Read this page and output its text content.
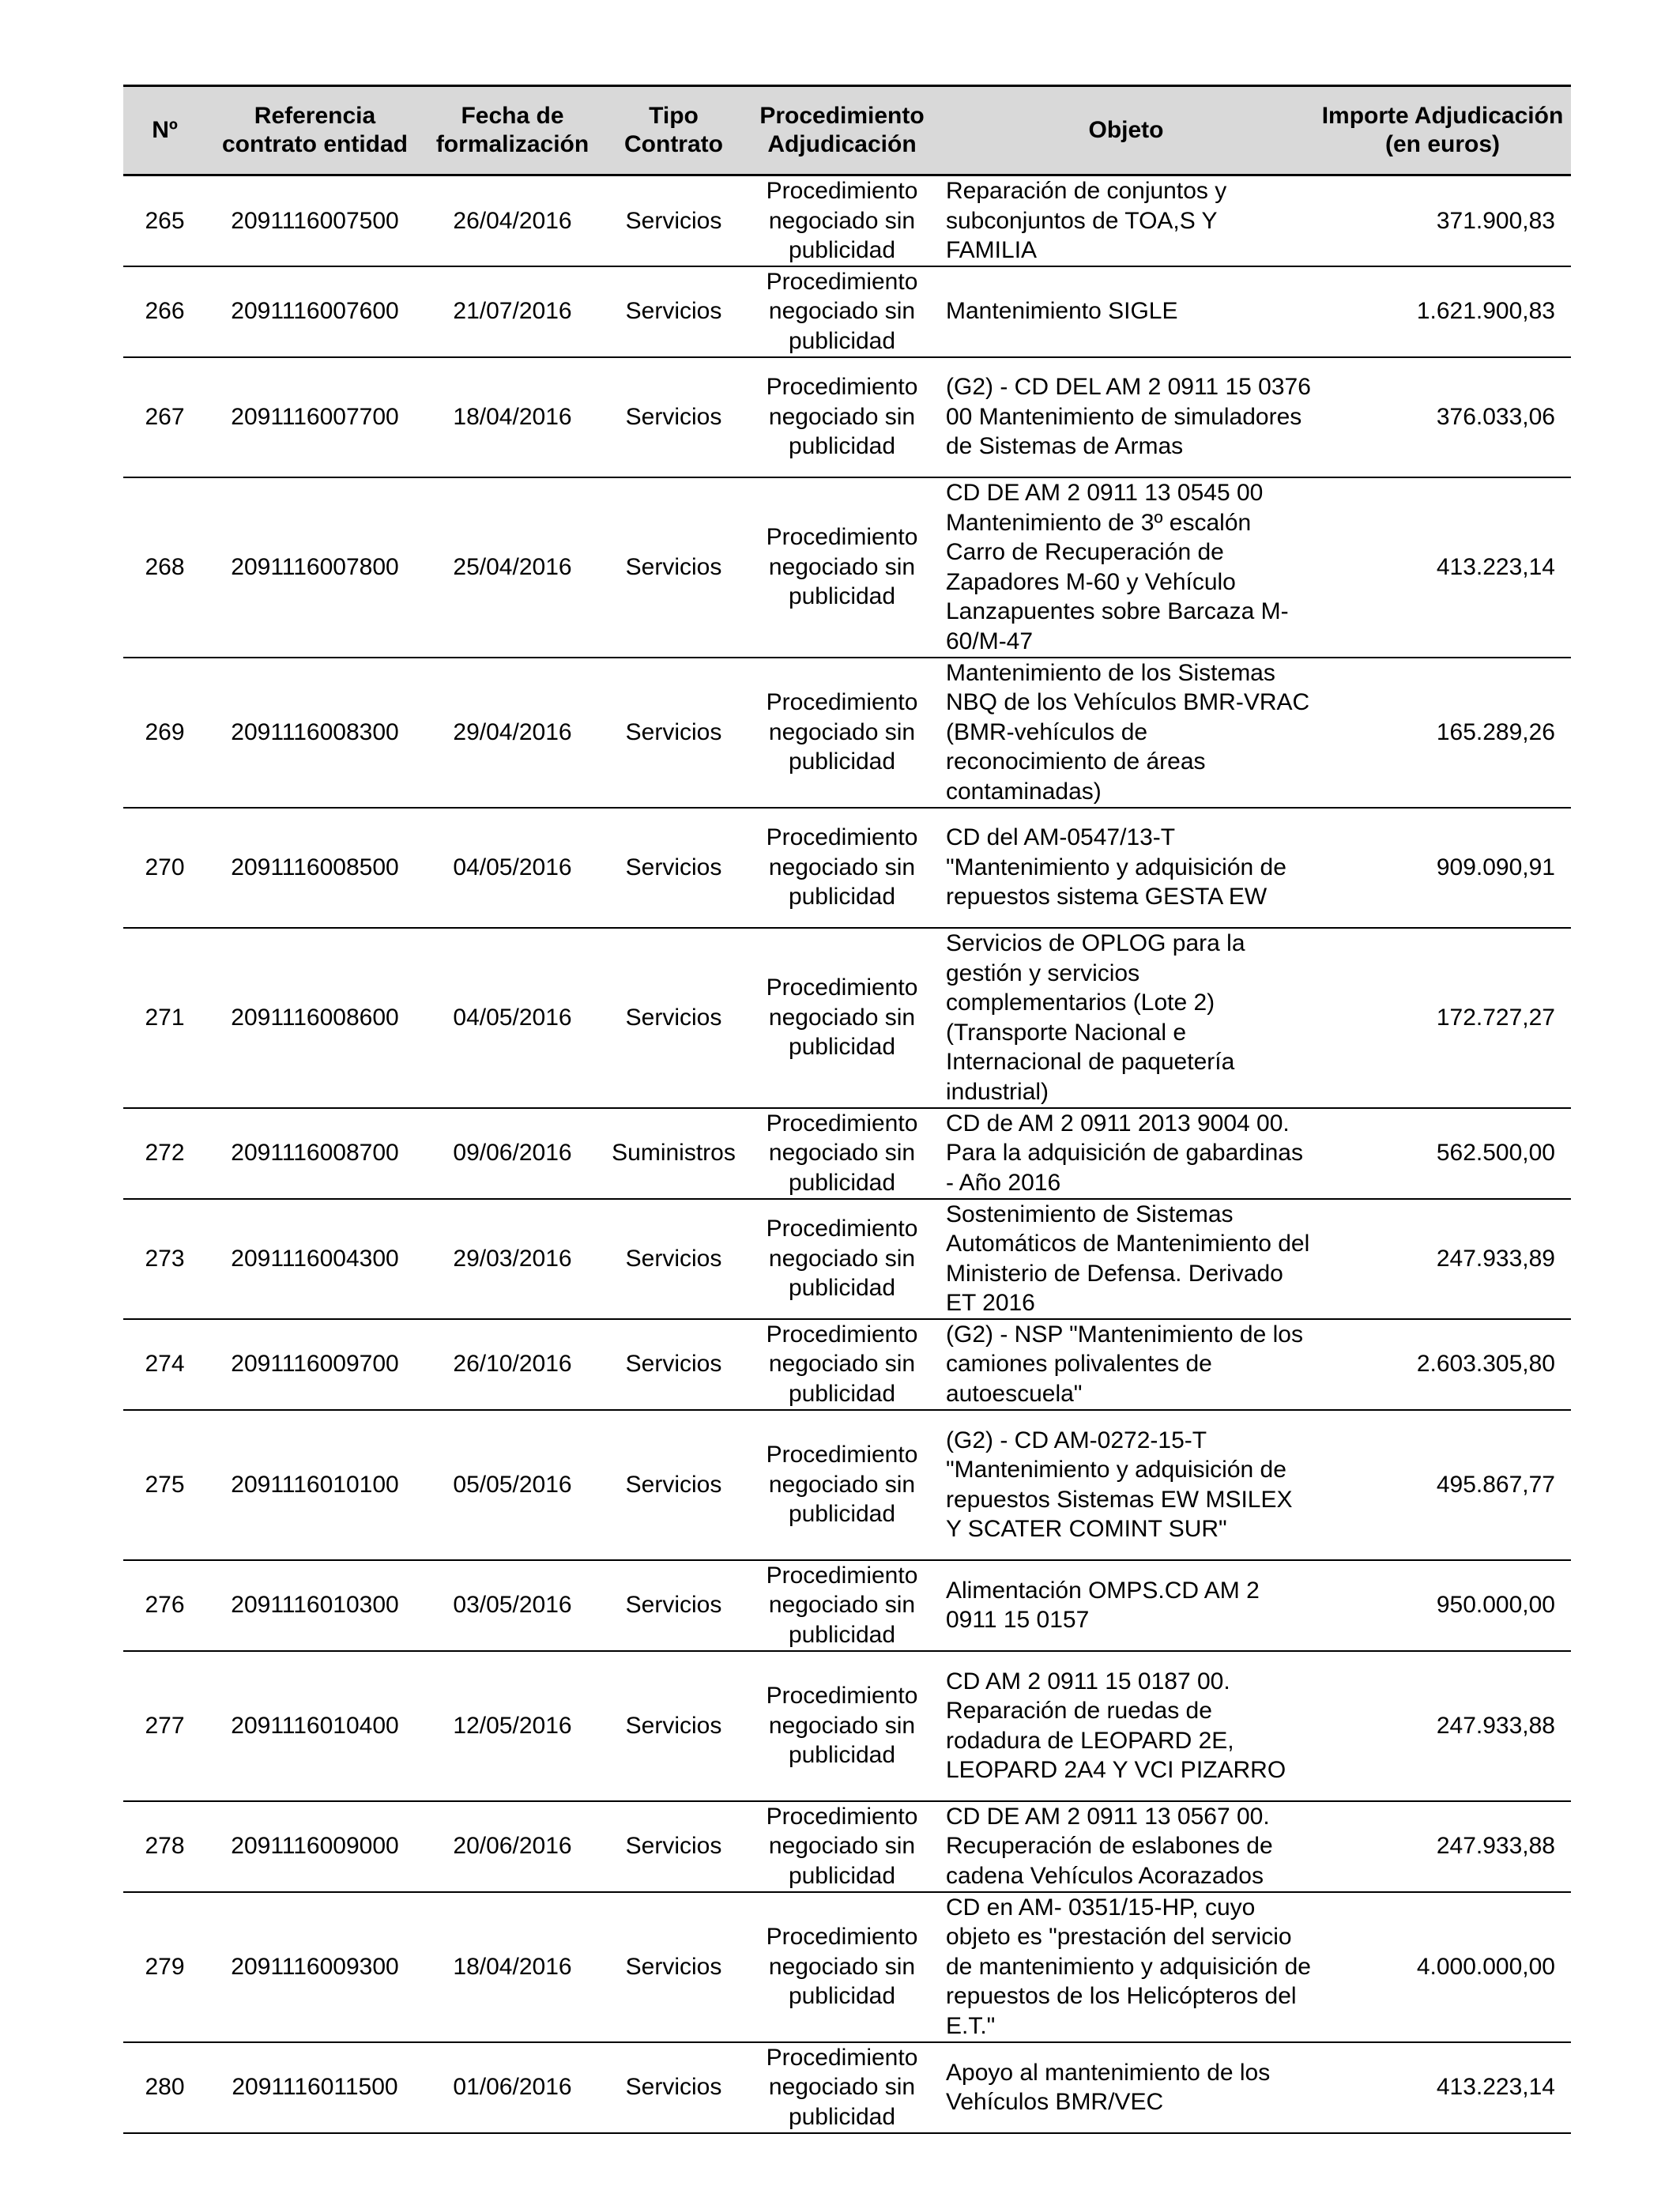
Nº	Referencia contrato entidad	Fecha de formalización	Tipo Contrato	Procedimiento Adjudicación	Objeto	Importe Adjudicación (en euros)
265	2091116007500	26/04/2016	Servicios	Procedimiento negociado sin publicidad	Reparación de conjuntos y subconjuntos de TOA,S Y FAMILIA	371.900,83
266	2091116007600	21/07/2016	Servicios	Procedimiento negociado sin publicidad	Mantenimiento SIGLE	1.621.900,83
267	2091116007700	18/04/2016	Servicios	Procedimiento negociado sin publicidad	(G2) - CD DEL AM 2 0911 15 0376 00 Mantenimiento de simuladores de Sistemas de Armas	376.033,06
268	2091116007800	25/04/2016	Servicios	Procedimiento negociado sin publicidad	CD DE AM 2 0911 13 0545 00 Mantenimiento de 3º escalón Carro de Recuperación de Zapadores M-60 y Vehículo Lanzapuentes sobre Barcaza M-60/M-47	413.223,14
269	2091116008300	29/04/2016	Servicios	Procedimiento negociado sin publicidad	Mantenimiento de los Sistemas NBQ de los Vehículos BMR-VRAC (BMR-vehículos de reconocimiento de áreas contaminadas)	165.289,26
270	2091116008500	04/05/2016	Servicios	Procedimiento negociado sin publicidad	CD del AM-0547/13-T "Mantenimiento y adquisición de repuestos sistema GESTA EW	909.090,91
271	2091116008600	04/05/2016	Servicios	Procedimiento negociado sin publicidad	Servicios de OPLOG para la gestión y servicios complementarios (Lote 2) (Transporte Nacional e Internacional de paquetería industrial)	172.727,27
272	2091116008700	09/06/2016	Suministros	Procedimiento negociado sin publicidad	CD de AM 2 0911 2013 9004 00. Para la adquisición de gabardinas - Año 2016	562.500,00
273	2091116004300	29/03/2016	Servicios	Procedimiento negociado sin publicidad	Sostenimiento de Sistemas Automáticos de Mantenimiento del Ministerio de Defensa. Derivado ET 2016	247.933,89
274	2091116009700	26/10/2016	Servicios	Procedimiento negociado sin publicidad	(G2) - NSP "Mantenimiento de los camiones polivalentes de autoescuela"	2.603.305,80
275	2091116010100	05/05/2016	Servicios	Procedimiento negociado sin publicidad	(G2) - CD AM-0272-15-T "Mantenimiento y adquisición de repuestos Sistemas EW MSILEX Y SCATER COMINT SUR"	495.867,77
276	2091116010300	03/05/2016	Servicios	Procedimiento negociado sin publicidad	Alimentación OMPS.CD AM 2 0911 15 0157	950.000,00
277	2091116010400	12/05/2016	Servicios	Procedimiento negociado sin publicidad	CD AM 2 0911 15 0187 00. Reparación de ruedas de rodadura de LEOPARD 2E, LEOPARD 2A4 Y VCI PIZARRO	247.933,88
278	2091116009000	20/06/2016	Servicios	Procedimiento negociado sin publicidad	CD DE AM 2 0911 13 0567 00. Recuperación de eslabones de cadena Vehículos Acorazados	247.933,88
279	2091116009300	18/04/2016	Servicios	Procedimiento negociado sin publicidad	CD en AM- 0351/15-HP, cuyo objeto es "prestación del servicio de mantenimiento y adquisición de repuestos de los Helicópteros del E.T."	4.000.000,00
280	2091116011500	01/06/2016	Servicios	Procedimiento negociado sin publicidad	Apoyo al mantenimiento de los Vehículos BMR/VEC	413.223,14
